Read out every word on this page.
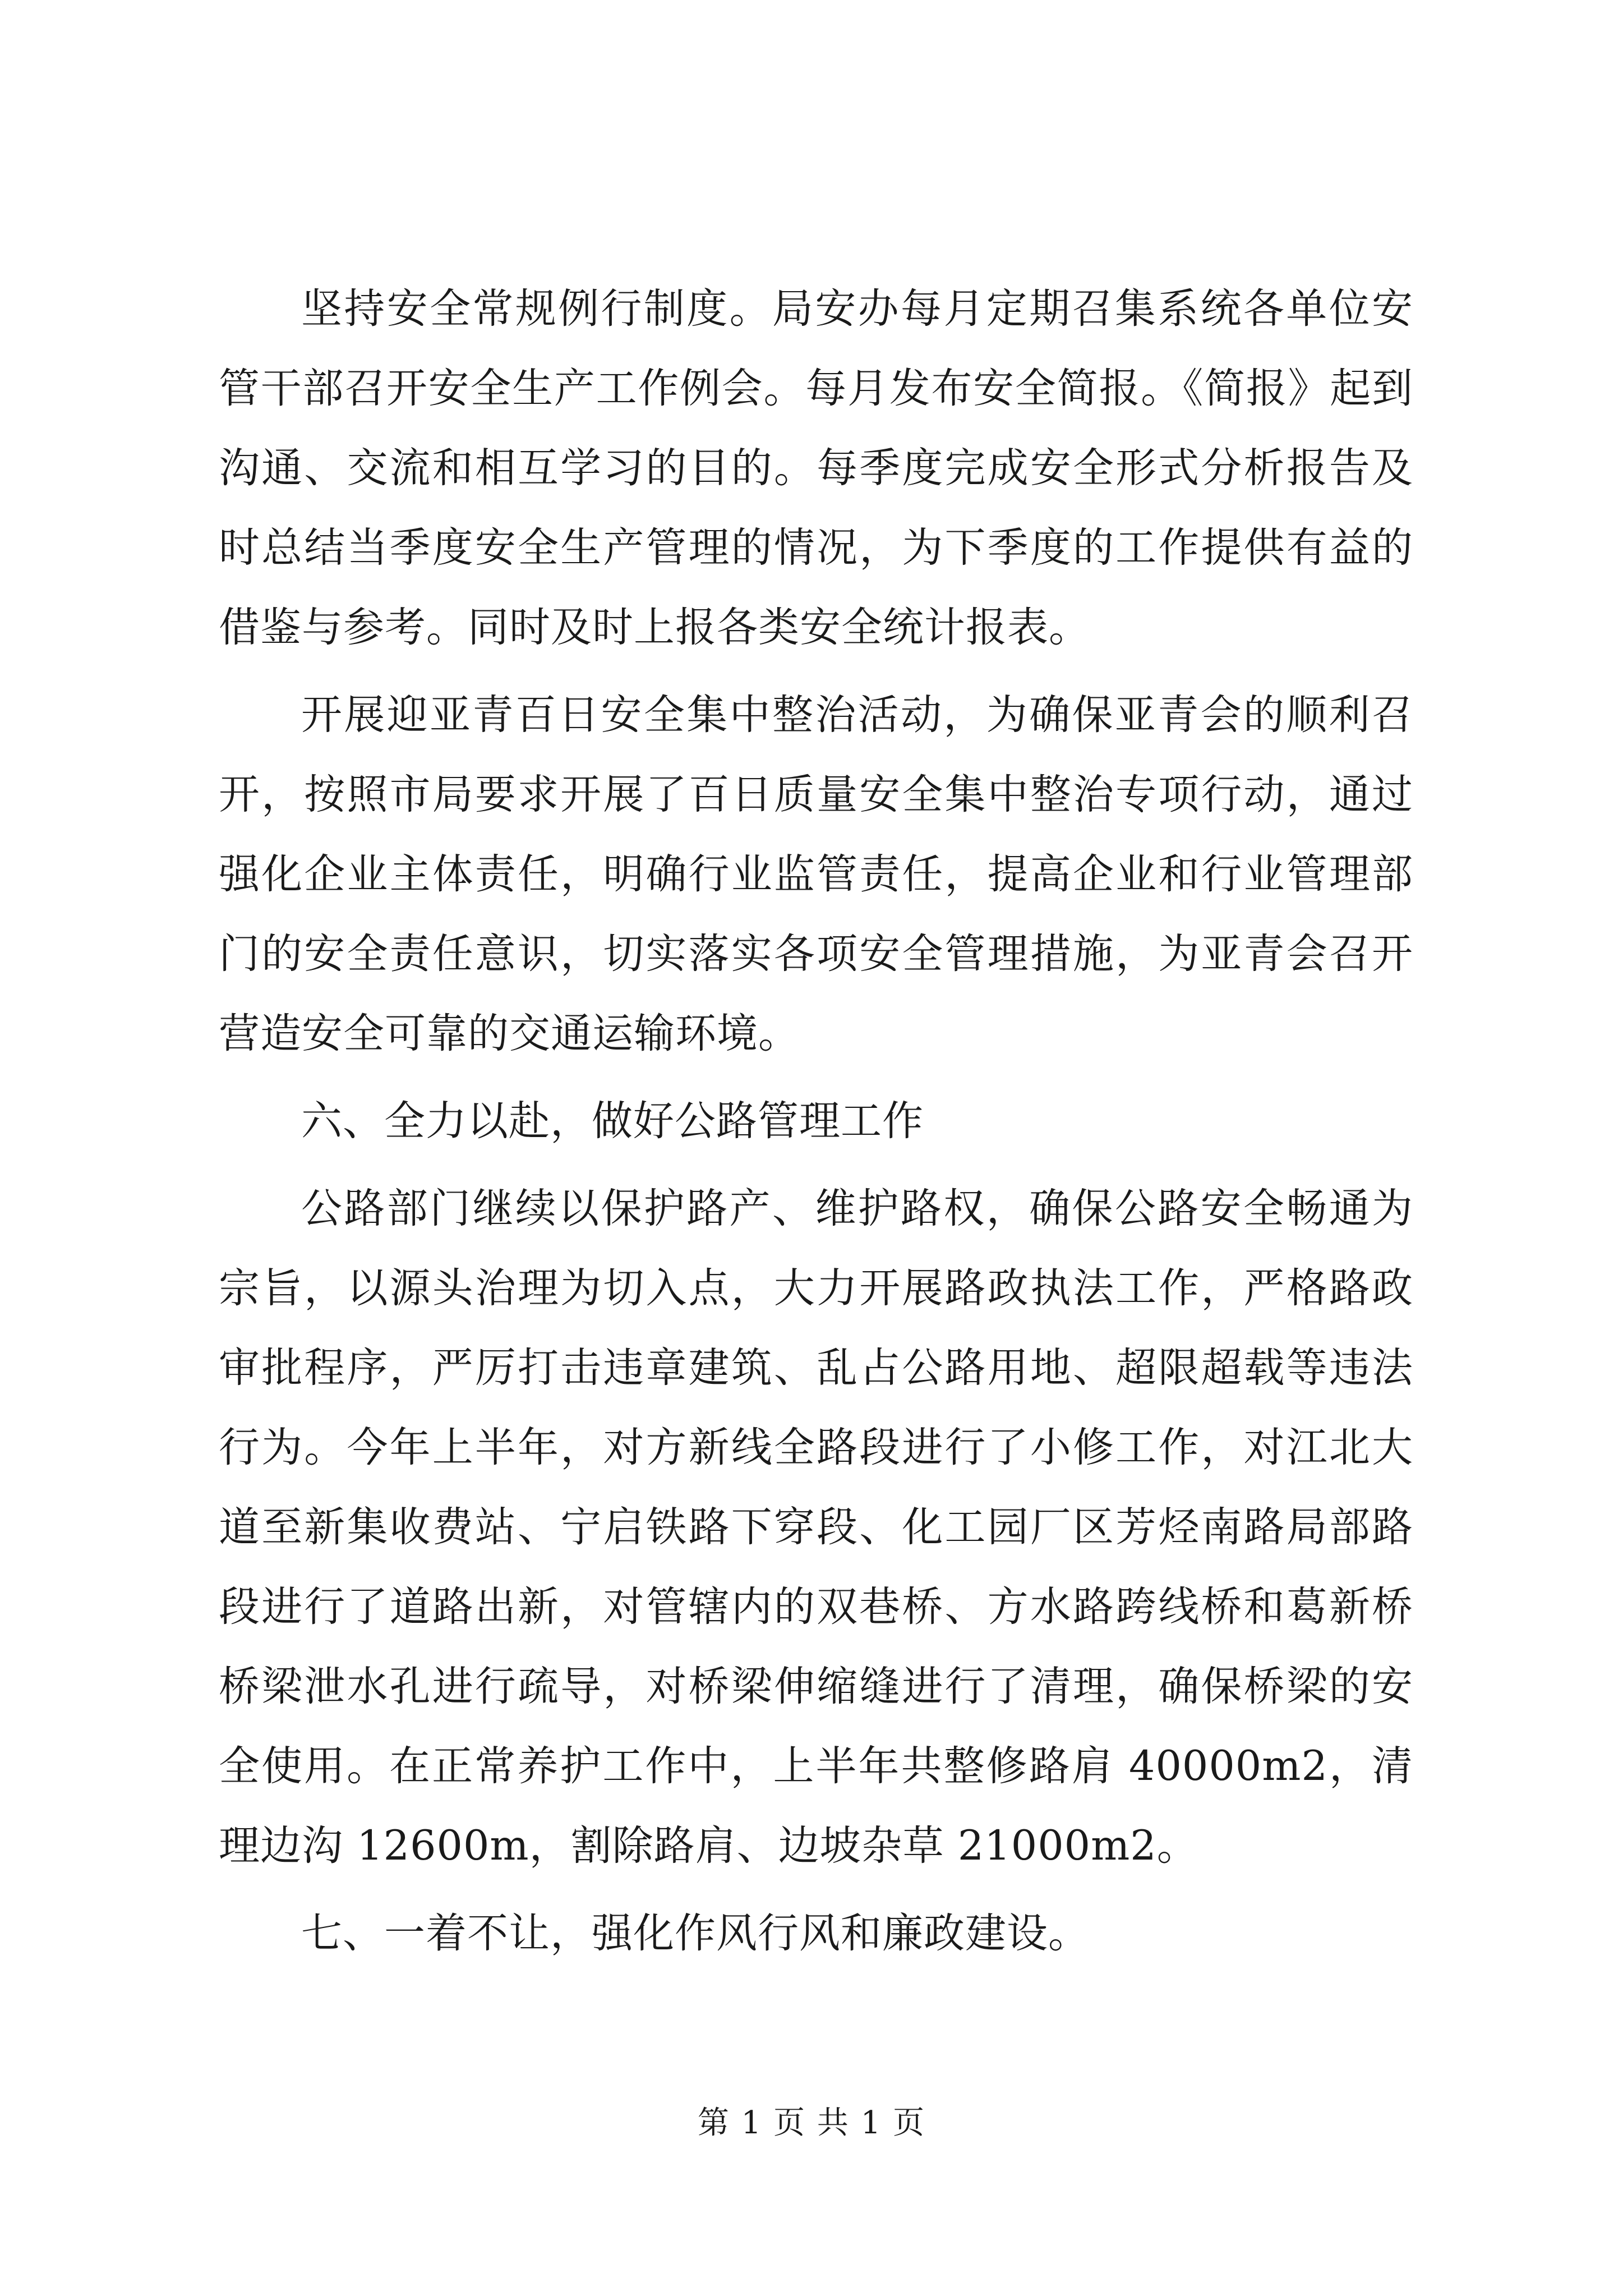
坚持安全常规例行制度。局安办每月定期召集系统各单位安管干部召开安全生产工作例会。每月发布安全简报。《简报》起到沟通、交流和相互学习的目的。每季度完成安全形式分析报告及时总结当季度安全生产管理的情况，为下季度的工作提供有益的借鉴与参考。同时及时上报各类安全统计报表。

开展迎亚青百日安全集中整治活动，为确保亚青会的顺利召开，按照市局要求开展了百日质量安全集中整治专项行动，通过强化企业主体责任，明确行业监管责任，提高企业和行业管理部门的安全责任意识，切实落实各项安全管理措施，为亚青会召开营造安全可靠的交通运输环境。

六、全力以赴，做好公路管理工作

公路部门继续以保护路产、维护路权，确保公路安全畅通为宗旨，以源头治理为切入点，大力开展路政执法工作，严格路政审批程序，严厉打击违章建筑、乱占公路用地、超限超载等违法行为。今年上半年，对方新线全路段进行了小修工作，对江北大道至新集收费站、宁启铁路下穿段、化工园厂区芳烃南路局部路段进行了道路出新，对管辖内的双巷桥、方水路跨线桥和葛新桥桥梁泄水孔进行疏导，对桥梁伸缩缝进行了清理，确保桥梁的安全使用。在正常养护工作中，上半年共整修路肩 40000m2，清理边沟 12600m，割除路肩、边坡杂草 21000m2。

七、一着不让，强化作风行风和廉政建设。

第 1 页 共 1 页
